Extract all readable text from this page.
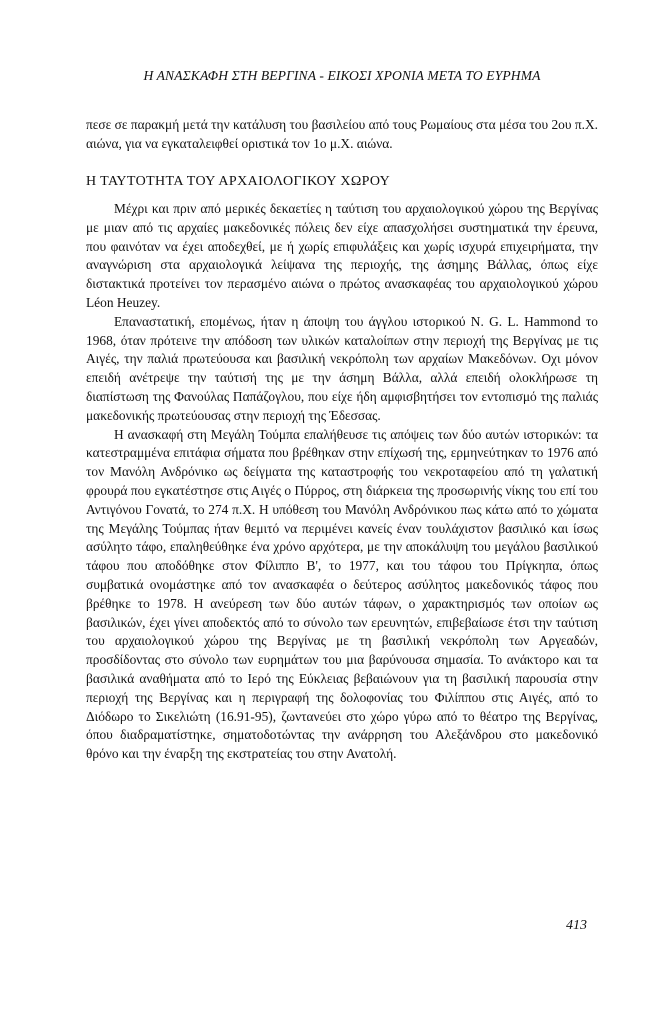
Η ΑΝΑΣΚΑΦΗ ΣΤΗ ΒΕΡΓΙΝΑ - ΕΙΚΟΣΙ ΧΡΟΝΙΑ ΜΕΤΑ ΤΟ ΕΥΡΗΜΑ
πεσε σε παρακμή μετά την κατάλυση του βασιλείου από τους Ρωμαίους στα μέσα του 2ου π.Χ. αιώνα, για να εγκαταλειφθεί οριστικά τον 1ο μ.Χ. αιώνα.
Η ΤΑΥΤΟΤΗΤΑ ΤΟΥ ΑΡΧΑΙΟΛΟΓΙΚΟΥ ΧΩΡΟΥ

Μέχρι και πριν από μερικές δεκαετίες η ταύτιση του αρχαιολογικού χώρου της Βεργίνας με μιαν από τις αρχαίες μακεδονικές πόλεις δεν είχε απασχολήσει συστηματικά την έρευνα, που φαινόταν να έχει αποδεχθεί, με ή χωρίς επιφυλάξεις και χωρίς ισχυρά επιχειρήματα, την αναγνώριση στα αρχαιολογικά λείψανα της περιοχής, της άσημης Βάλλας, όπως είχε διστακτικά προτείνει τον περασμένο αιώνα ο πρώτος ανασκαφέας του αρχαιολογικού χώρου Léon Heuzey.

Επαναστατική, επομένως, ήταν η άποψη του άγγλου ιστορικού N. G. L. Hammond το 1968, όταν πρότεινε την απόδοση των υλικών καταλοίπων στην περιοχή της Βεργίνας με τις Αιγές, την παλιά πρωτεύουσα και βασιλική νεκρόπολη των αρχαίων Μακεδόνων. Οχι μόνον επειδή ανέτρεψε την ταύτισή της με την άσημη Βάλλα, αλλά επειδή ολοκλήρωσε τη διαπίστωση της Φανούλας Παπάζογλου, που είχε ήδη αμφισβητήσει τον εντοπισμό της παλιάς μακεδονικής πρωτεύουσας στην περιοχή της Έδεσσας.

Η ανασκαφή στη Μεγάλη Τούμπα επαλήθευσε τις απόψεις των δύο αυτών ιστορικών: τα κατεστραμμένα επιτάφια σήματα που βρέθηκαν στην επίχωσή της, ερμηνεύτηκαν το 1976 από τον Μανόλη Ανδρόνικο ως δείγματα της καταστροφής του νεκροταφείου από τη γαλατική φρουρά που εγκατέστησε στις Αιγές ο Πύρρος, στη διάρκεια της προσωρινής νίκης του επί του Αντιγόνου Γονατά, το 274 π.Χ. Η υπόθεση του Μανόλη Ανδρόνικου πως κάτω από το χώματα της Μεγάλης Τούμπας ήταν θεμιτό να περιμένει κανείς έναν τουλάχιστον βασιλικό και ίσως ασύλητο τάφο, επαληθεύθηκε ένα χρόνο αρχότερα, με την αποκάλυψη του μεγάλου βασιλικού τάφου που αποδόθηκε στον Φίλιππο Β', το 1977, και του τάφου του Πρίγκηπα, όπως συμβατικά ονομάστηκε από τον ανασκαφέα ο δεύτερος ασύλητος μακεδονικός τάφος που βρέθηκε το 1978. Η ανεύρεση των δύο αυτών τάφων, ο χαρακτηρισμός των οποίων ως βασιλικών, έχει γίνει αποδεκτός από το σύνολο των ερευνητών, επιβεβαίωσε έτσι την ταύτιση του αρχαιολογικού χώρου της Βεργίνας με τη βασιλική νεκρόπολη των Αργεαδών, προσδίδοντας στο σύνολο των ευρημάτων του μια βαρύνουσα σημασία. Το ανάκτορο και τα βασιλικά αναθήματα από το Ιερό της Εύκλειας βεβαιώνουν για τη βασιλική παρουσία στην περιοχή της Βεργίνας και η περιγραφή της δολοφονίας του Φιλίππου στις Αιγές, από το Διόδωρο το Σικελιώτη (16.91-95), ζωντανεύει στο χώρο γύρω από το θέατρο της Βεργίνας, όπου διαδραματίστηκε, σηματοδοτώντας την ανάρρηση του Αλεξάνδρου στο μακεδονικό θρόνο και την έναρξη της εκστρατείας του στην Ανατολή.

413
